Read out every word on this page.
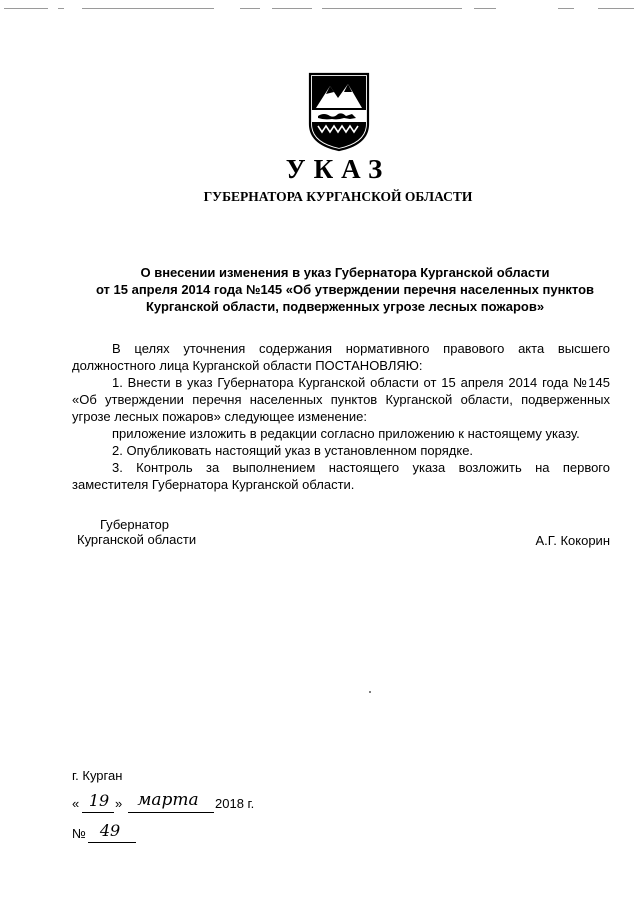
УКАЗ
ГУБЕРНАТОРА КУРГАНСКОЙ ОБЛАСТИ
О внесении изменения в указ Губернатора Курганской области
от 15 апреля 2014 года №145 «Об утверждении перечня населенных пунктов
Курганской области, подверженных угрозе лесных пожаров»

В целях уточнения содержания нормативного правового акта высшего должностного лица Курганской области ПОСТАНОВЛЯЮ:

1. Внести в указ Губернатора Курганской области от 15 апреля 2014 года №145 «Об утверждении перечня населенных пунктов Курганской области, подверженных угрозе лесных пожаров» следующее изменение:

приложение изложить в редакции согласно приложению к настоящему указу.

2. Опубликовать настоящий указ в установленном порядке.

3. Контроль за выполнением настоящего указа возложить на первого заместителя Губернатора Курганской области.

Губернатор
Курганской области	А.Г. Кокорин
г. Курган
« 19 » марта	2018 г.
№ 49
